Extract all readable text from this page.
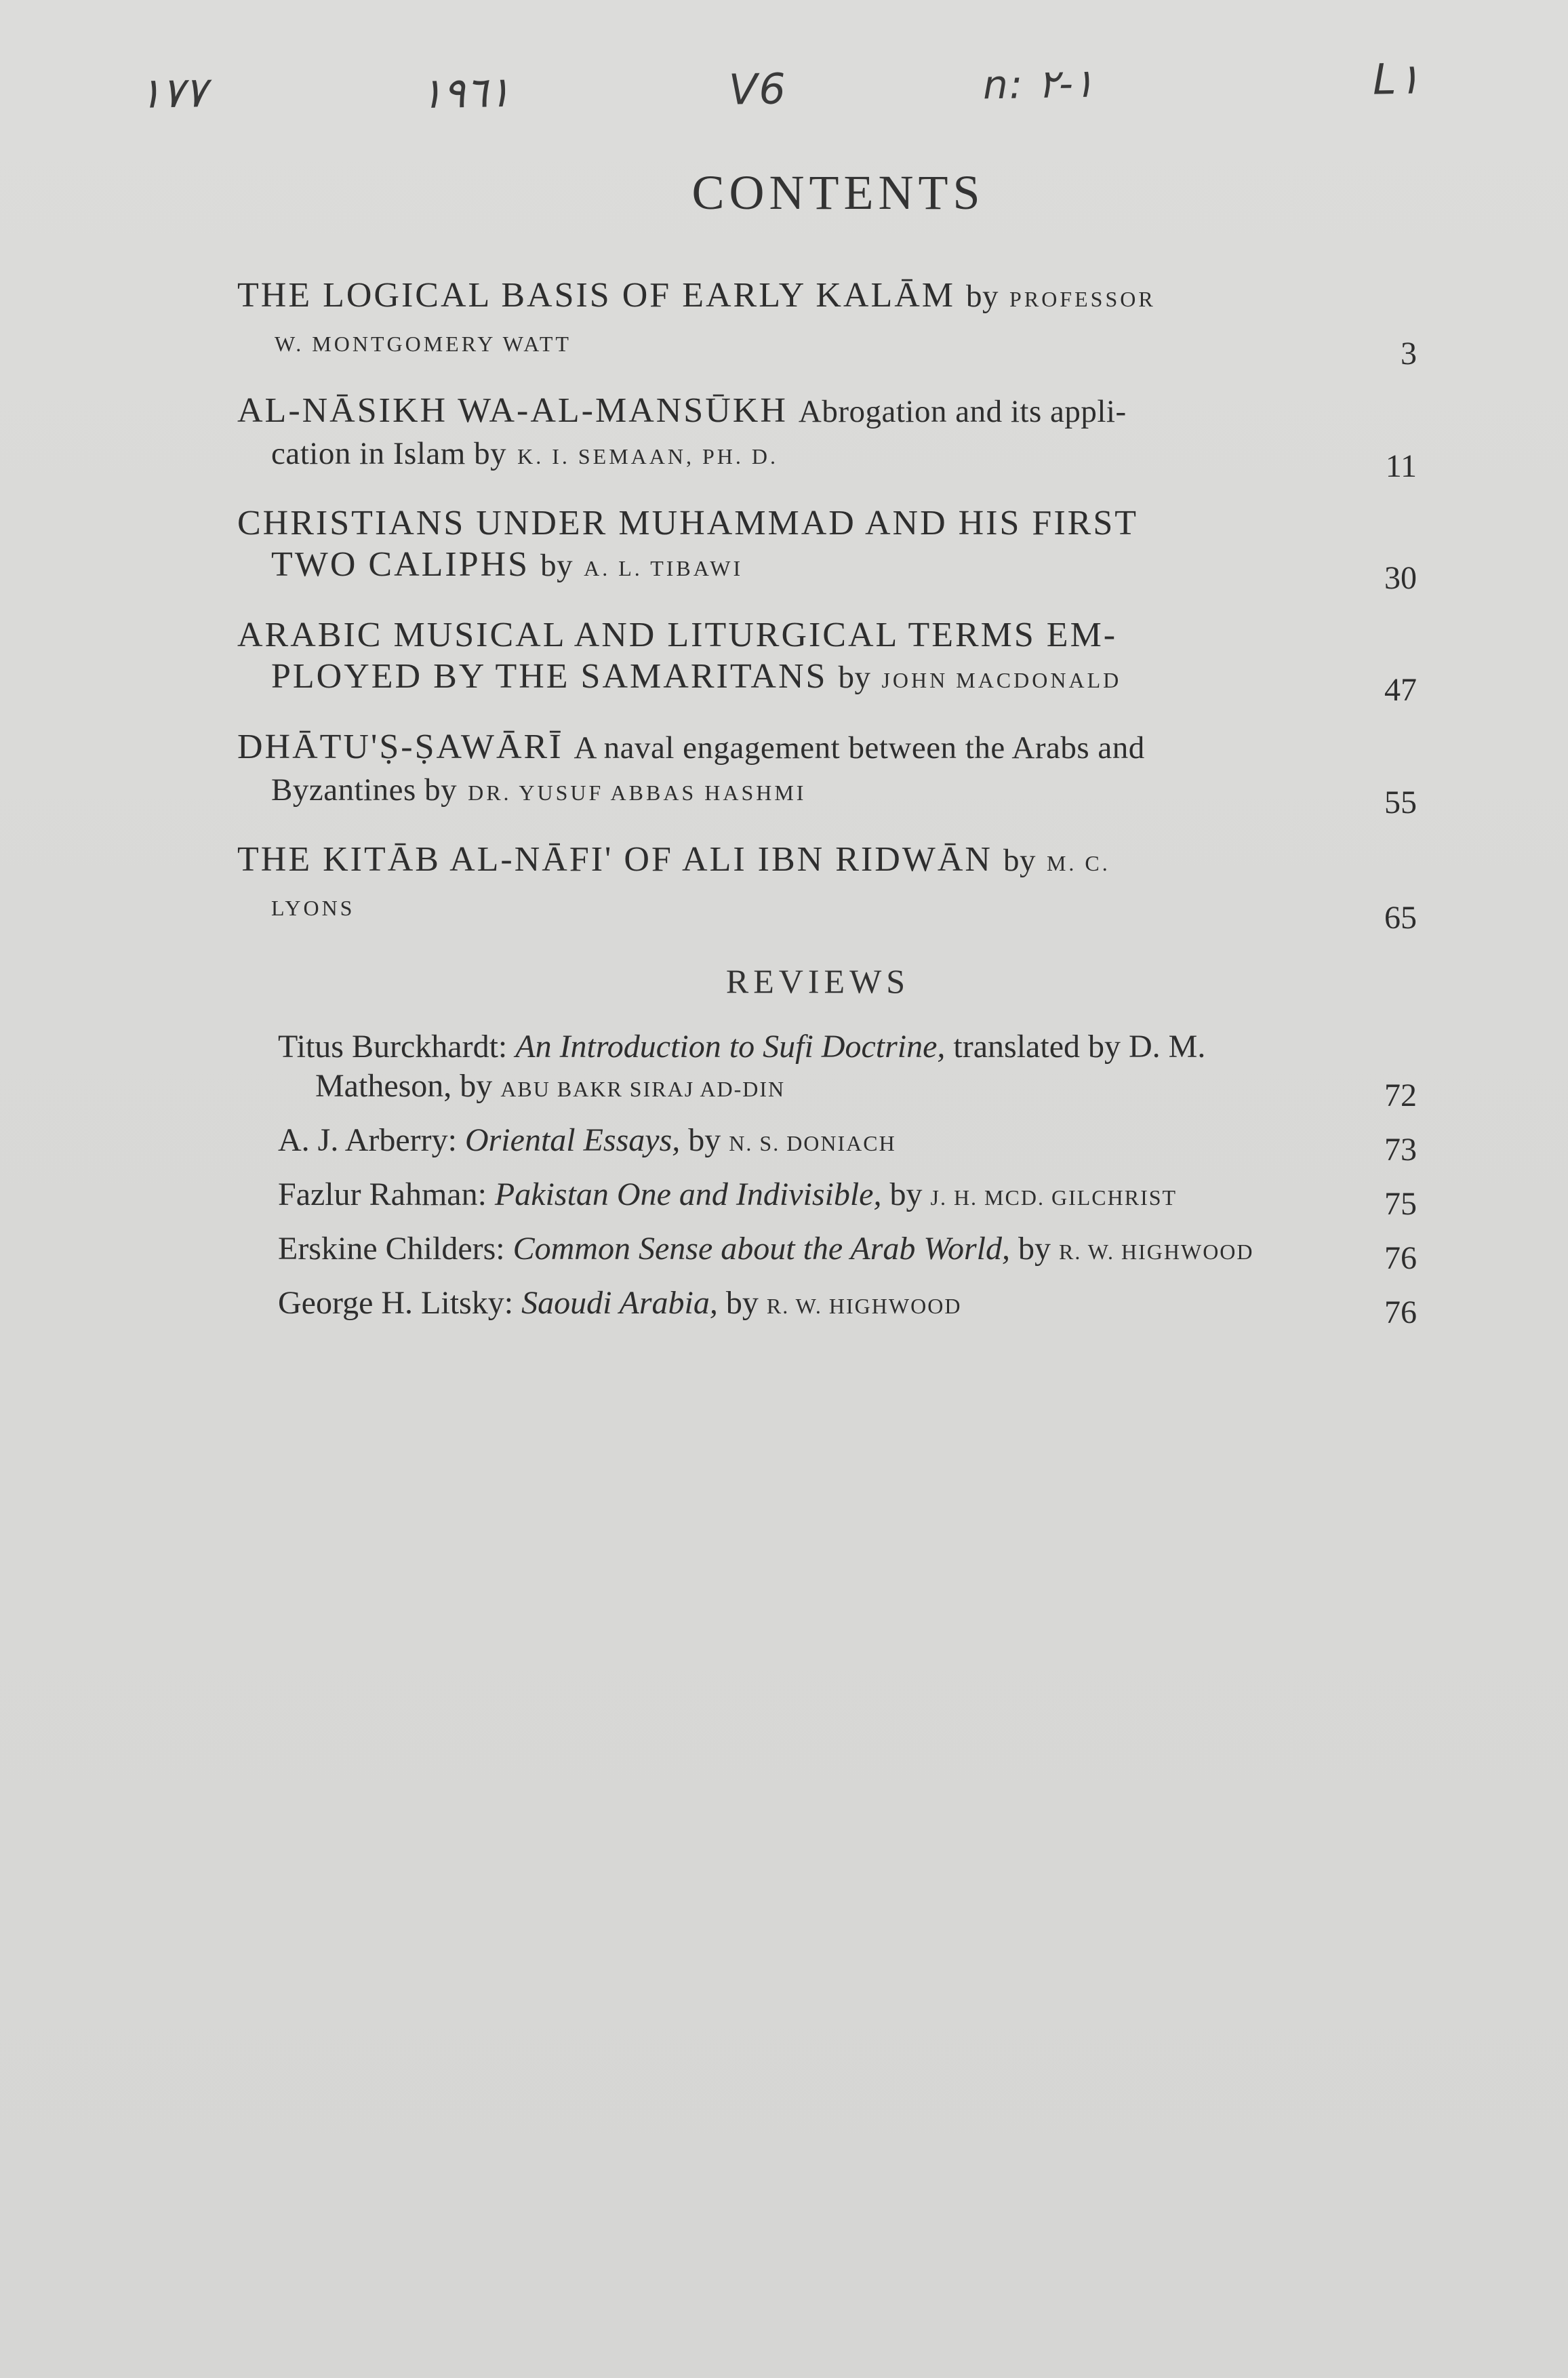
١٧٧	١٩٦١	V6	n: ١-٢	L١
CONTENTS
THE LOGICAL BASIS OF EARLY KALĀM by PROFESSOR
W. MONTGOMERY WATT	3
AL-NĀSIKH WA-AL-MANSŪKH Abrogation and its appli-
cation in Islam by K. I. SEMAAN, PH. D.	11
CHRISTIANS UNDER MUHAMMAD AND HIS FIRST
TWO CALIPHS by A. L. TIBAWI	30
ARABIC MUSICAL AND LITURGICAL TERMS EM-
PLOYED BY THE SAMARITANS by JOHN MACDONALD	47
DHĀTU'Ṣ-ṢAWĀRĪ A naval engagement between the Arabs and
Byzantines by DR. YUSUF ABBAS HASHMI	55
THE KITĀB AL-NĀFI' OF ALI IBN RIDWĀN by M. C.
LYONS	65
REVIEWS
Titus Burckhardt: An Introduction to Sufi Doctrine, translated by D. M.
Matheson, by ABU BAKR SIRAJ AD-DIN	72
A. J. Arberry: Oriental Essays, by N. S. DONIACH	73
Fazlur Rahman: Pakistan One and Indivisible, by J. H. MCD. GILCHRIST	75
Erskine Childers: Common Sense about the Arab World, by R. W. HIGHWOOD	76
George H. Litsky: Saoudi Arabia, by R. W. HIGHWOOD	76
